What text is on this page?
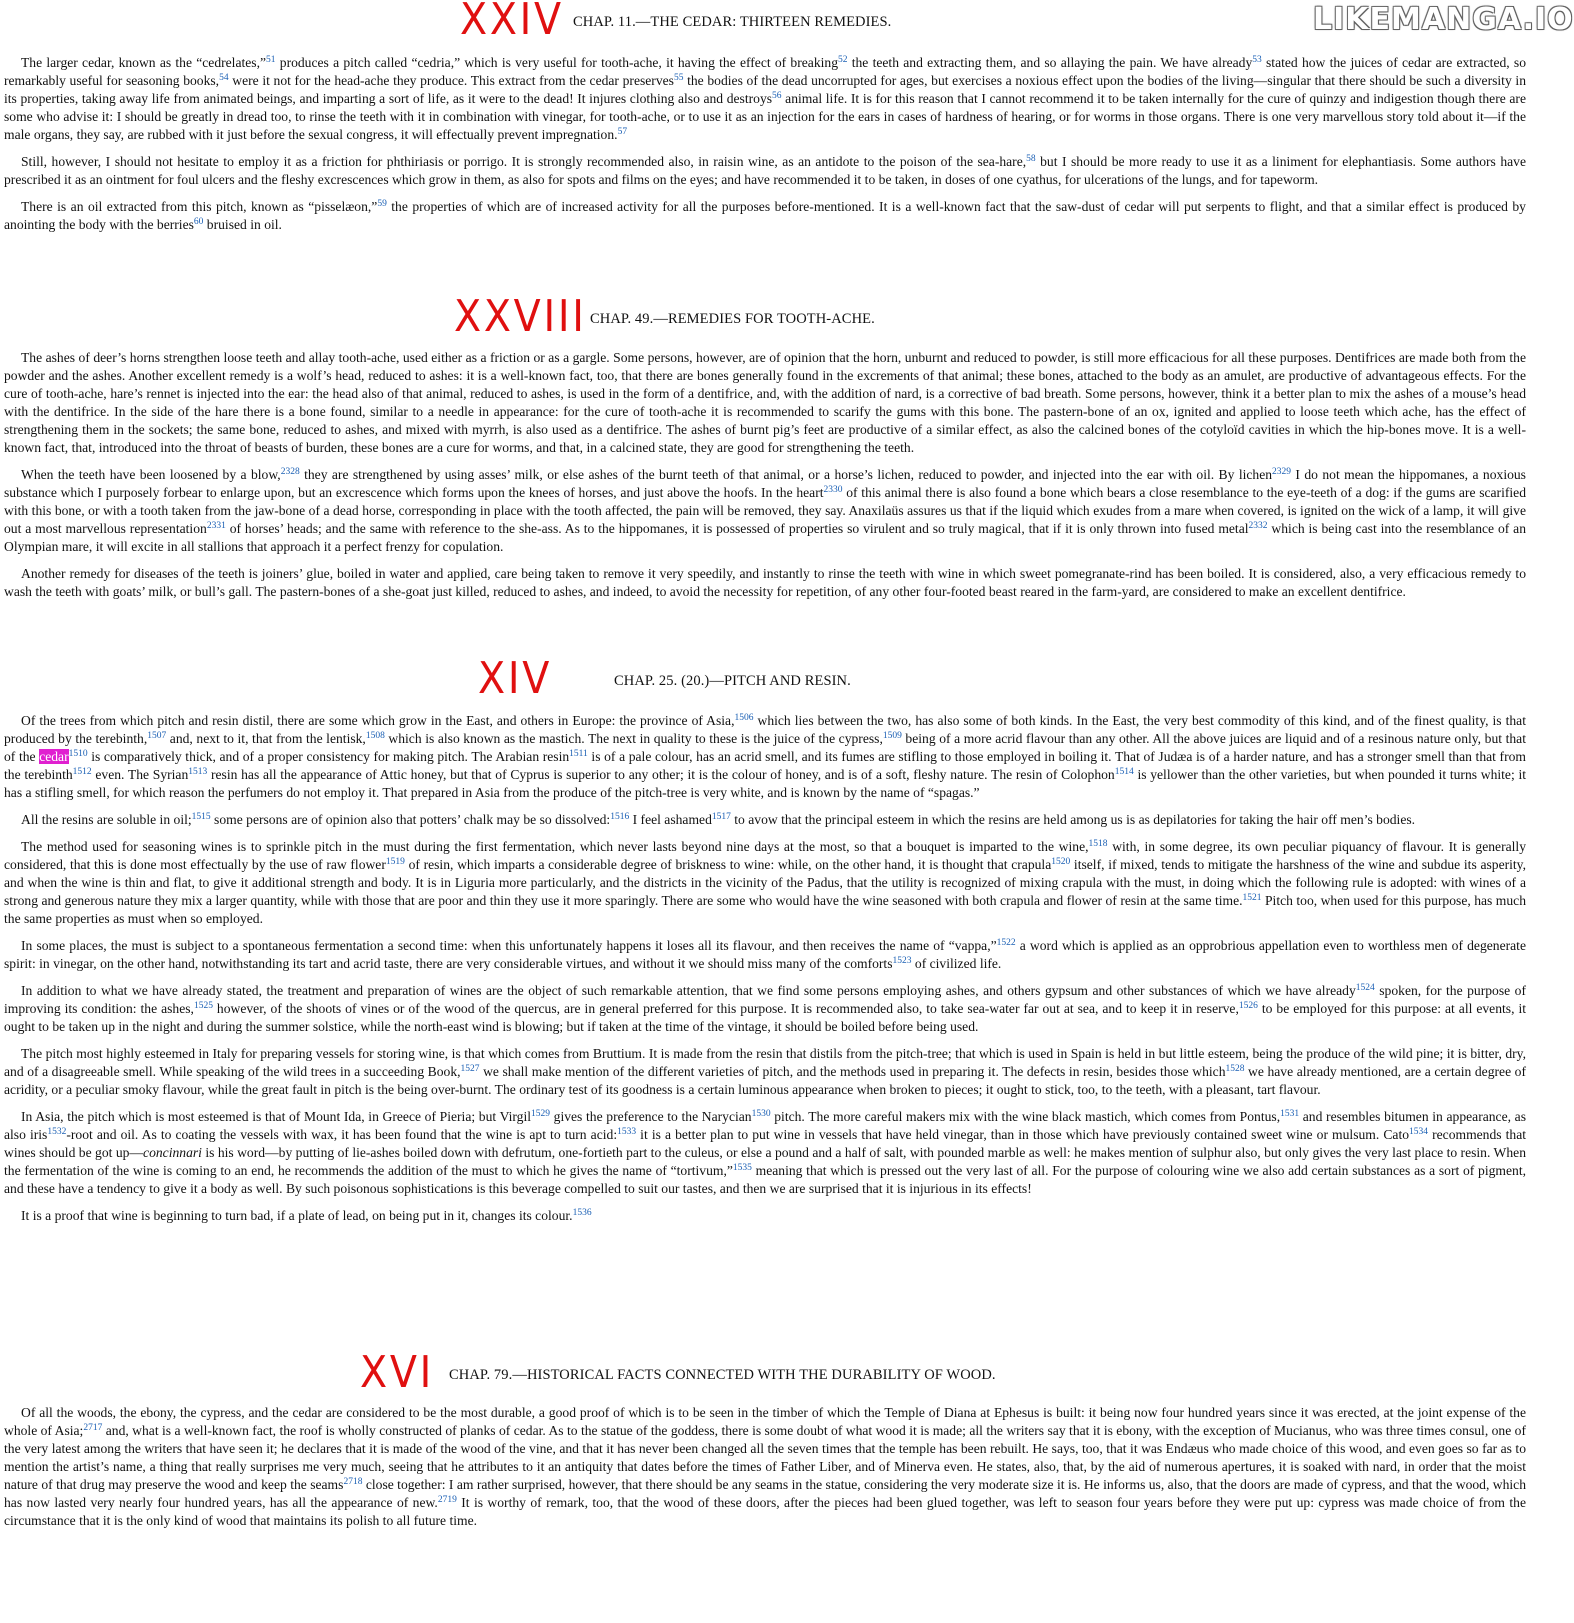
LIKEMANGA.IO
XXIV CHAP. 11.—THE CEDAR: THIRTEEN REMEDIES.

The larger cedar, known as the “cedrelates,”$^{51}$ produces a pitch called “cedria,” which is very useful for tooth-ache, it having the effect of breaking$^{52}$ the teeth and extracting them, and so allaying the pain. We have already$^{53}$ stated how the juices of cedar are extracted, so remarkably useful for seasoning books,$^{54}$ were it not for the head-ache they produce. This extract from the cedar preserves$^{55}$ the bodies of the dead uncorrupted for ages, but exercises a noxious effect upon the bodies of the living—singular that there should be such a diversity in its properties, taking away life from animated beings, and imparting a sort of life, as it were to the dead! It injures clothing also and destroys$^{56}$ animal life. It is for this reason that I cannot recommend it to be taken internally for the cure of quinzy and indigestion though there are some who advise it: I should be greatly in dread too, to rinse the teeth with it in combination with vinegar, for tooth-ache, or to use it as an injection for the ears in cases of hardness of hearing, or for worms in those organs. There is one very marvellous story told about it—if the male organs, they say, are rubbed with it just before the sexual congress, it will effectually prevent impregnation.$^{57}$

Still, however, I should not hesitate to employ it as a friction for phthiriasis or porrigo. It is strongly recommended also, in raisin wine, as an antidote to the poison of the sea-hare,$^{58}$ but I should be more ready to use it as a liniment for elephantiasis. Some authors have prescribed it as an ointment for foul ulcers and the fleshy excrescences which grow in them, as also for spots and films on the eyes; and have recommended it to be taken, in doses of one cyathus, for ulcerations of the lungs, and for tapeworm.

There is an oil extracted from this pitch, known as “pisselæon,”$^{59}$ the properties of which are of increased activity for all the purposes before-mentioned. It is a well-known fact that the saw-dust of cedar will put serpents to flight, and that a similar effect is produced by anointing the body with the berries$^{60}$ bruised in oil.

XXVIII CHAP. 49.—REMEDIES FOR TOOTH-ACHE.

The ashes of deer’s horns strengthen loose teeth and allay tooth-ache, used either as a friction or as a gargle. Some persons, however, are of opinion that the horn, unburnt and reduced to powder, is still more efficacious for all these purposes. Dentifrices are made both from the powder and the ashes. Another excellent remedy is a wolf’s head, reduced to ashes: it is a well-known fact, too, that there are bones generally found in the excrements of that animal; these bones, attached to the body as an amulet, are productive of advantageous effects. For the cure of tooth-ache, hare’s rennet is injected into the ear: the head also of that animal, reduced to ashes, is used in the form of a dentifrice, and, with the addition of nard, is a corrective of bad breath. Some persons, however, think it a better plan to mix the ashes of a mouse’s head with the dentifrice. In the side of the hare there is a bone found, similar to a needle in appearance: for the cure of tooth-ache it is recommended to scarify the gums with this bone. The pastern-bone of an ox, ignited and applied to loose teeth which ache, has the effect of strengthening them in the sockets; the same bone, reduced to ashes, and mixed with myrrh, is also used as a dentifrice. The ashes of burnt pig’s feet are productive of a similar effect, as also the calcined bones of the cotyloïd cavities in which the hip-bones move. It is a well-known fact, that, introduced into the throat of beasts of burden, these bones are a cure for worms, and that, in a calcined state, they are good for strengthening the teeth.

When the teeth have been loosened by a blow,$^{2328}$ they are strengthened by using asses’ milk, or else ashes of the burnt teeth of that animal, or a horse’s lichen, reduced to powder, and injected into the ear with oil. By lichen$^{2329}$ I do not mean the hippomanes, a noxious substance which I purposely forbear to enlarge upon, but an excrescence which forms upon the knees of horses, and just above the hoofs. In the heart$^{2330}$ of this animal there is also found a bone which bears a close resemblance to the eye-teeth of a dog: if the gums are scarified with this bone, or with a tooth taken from the jaw-bone of a dead horse, corresponding in place with the tooth affected, the pain will be removed, they say. Anaxilaüs assures us that if the liquid which exudes from a mare when covered, is ignited on the wick of a lamp, it will give out a most marvellous representation$^{2331}$ of horses’ heads; and the same with reference to the she-ass. As to the hippomanes, it is possessed of properties so virulent and so truly magical, that if it is only thrown into fused metal$^{2332}$ which is being cast into the resemblance of an Olympian mare, it will excite in all stallions that approach it a perfect frenzy for copulation.

Another remedy for diseases of the teeth is joiners’ glue, boiled in water and applied, care being taken to remove it very speedily, and instantly to rinse the teeth with wine in which sweet pomegranate-rind has been boiled. It is considered, also, a very efficacious remedy to wash the teeth with goats’ milk, or bull’s gall. The pastern-bones of a she-goat just killed, reduced to ashes, and indeed, to avoid the necessity for repetition, of any other four-footed beast reared in the farm-yard, are considered to make an excellent dentifrice.

XIV	CHAP. 25. (20.)—PITCH AND RESIN.

Of the trees from which pitch and resin distil, there are some which grow in the East, and others in Europe: the province of Asia,$^{1506}$ which lies between the two, has also some of both kinds. In the East, the very best commodity of this kind, and of the finest quality, is that produced by the terebinth,$^{1507}$ and, next to it, that from the lentisk,$^{1508}$ which is also known as the mastich. The next in quality to these is the juice of the cypress,$^{1509}$ being of a more acrid flavour than any other. All the above juices are liquid and of a resinous nature only, but that of the cedar$^{1510}$ is comparatively thick, and of a proper consistency for making pitch. The Arabian resin$^{1511}$ is of a pale colour, has an acrid smell, and its fumes are stifling to those employed in boiling it. That of Judæa is of a harder nature, and has a stronger smell than that from the terebinth$^{1512}$ even. The Syrian$^{1513}$ resin has all the appearance of Attic honey, but that of Cyprus is superior to any other; it is the colour of honey, and is of a soft, fleshy nature. The resin of Colophon$^{1514}$ is yellower than the other varieties, but when pounded it turns white; it has a stifling smell, for which reason the perfumers do not employ it. That prepared in Asia from the produce of the pitch-tree is very white, and is known by the name of “spagas.”

All the resins are soluble in oil;$^{1515}$ some persons are of opinion also that potters’ chalk may be so dissolved:$^{1516}$ I feel ashamed$^{1517}$ to avow that the principal esteem in which the resins are held among us is as depilatories for taking the hair off men’s bodies.

The method used for seasoning wines is to sprinkle pitch in the must during the first fermentation, which never lasts beyond nine days at the most, so that a bouquet is imparted to the wine,$^{1518}$ with, in some degree, its own peculiar piquancy of flavour. It is generally considered, that this is done most effectually by the use of raw flower$^{1519}$ of resin, which imparts a considerable degree of briskness to wine: while, on the other hand, it is thought that crapula$^{1520}$ itself, if mixed, tends to mitigate the harshness of the wine and subdue its asperity, and when the wine is thin and flat, to give it additional strength and body. It is in Liguria more particularly, and the districts in the vicinity of the Padus, that the utility is recognized of mixing crapula with the must, in doing which the following rule is adopted: with wines of a strong and generous nature they mix a larger quantity, while with those that are poor and thin they use it more sparingly. There are some who would have the wine seasoned with both crapula and flower of resin at the same time.$^{1521}$ Pitch too, when used for this purpose, has much the same properties as must when so employed.

In some places, the must is subject to a spontaneous fermentation a second time: when this unfortunately happens it loses all its flavour, and then receives the name of “vappa,”$^{1522}$ a word which is applied as an opprobrious appellation even to worthless men of degenerate spirit: in vinegar, on the other hand, notwithstanding its tart and acrid taste, there are very considerable virtues, and without it we should miss many of the comforts$^{1523}$ of civilized life.

In addition to what we have already stated, the treatment and preparation of wines are the object of such remarkable attention, that we find some persons employing ashes, and others gypsum and other substances of which we have already$^{1524}$ spoken, for the purpose of improving its condition: the ashes,$^{1525}$ however, of the shoots of vines or of the wood of the quercus, are in general preferred for this purpose. It is recommended also, to take sea-water far out at sea, and to keep it in reserve,$^{1526}$ to be employed for this purpose: at all events, it ought to be taken up in the night and during the summer solstice, while the north-east wind is blowing; but if taken at the time of the vintage, it should be boiled before being used.

The pitch most highly esteemed in Italy for preparing vessels for storing wine, is that which comes from Bruttium. It is made from the resin that distils from the pitch-tree; that which is used in Spain is held in but little esteem, being the produce of the wild pine; it is bitter, dry, and of a disagreeable smell. While speaking of the wild trees in a succeeding Book,$^{1527}$ we shall make mention of the different varieties of pitch, and the methods used in preparing it. The defects in resin, besides those which$^{1528}$ we have already mentioned, are a certain degree of acridity, or a peculiar smoky flavour, while the great fault in pitch is the being over-burnt. The ordinary test of its goodness is a certain luminous appearance when broken to pieces; it ought to stick, too, to the teeth, with a pleasant, tart flavour.

In Asia, the pitch which is most esteemed is that of Mount Ida, in Greece of Pieria; but Virgil$^{1529}$ gives the preference to the Narycian$^{1530}$ pitch. The more careful makers mix with the wine black mastich, which comes from Pontus,$^{1531}$ and resembles bitumen in appearance, as also iris$^{1532}$-root and oil. As to coating the vessels with wax, it has been found that the wine is apt to turn acid:$^{1533}$ it is a better plan to put wine in vessels that have held vinegar, than in those which have previously contained sweet wine or mulsum. Cato$^{1534}$ recommends that wines should be got up—concinnari is his word—by putting of lie-ashes boiled down with defrutum, one-fortieth part to the culeus, or else a pound and a half of salt, with pounded marble as well: he makes mention of sulphur also, but only gives the very last place to resin. When the fermentation of the wine is coming to an end, he recommends the addition of the must to which he gives the name of “tortivum,”$^{1535}$ meaning that which is pressed out the very last of all. For the purpose of colouring wine we also add certain substances as a sort of pigment, and these have a tendency to give it a body as well. By such poisonous sophistications is this beverage compelled to suit our tastes, and then we are surprised that it is injurious in its effects!

It is a proof that wine is beginning to turn bad, if a plate of lead, on being put in it, changes its colour.$^{1536}$

XVI CHAP. 79.—HISTORICAL FACTS CONNECTED WITH THE DURABILITY OF WOOD.

Of all the woods, the ebony, the cypress, and the cedar are considered to be the most durable, a good proof of which is to be seen in the timber of which the Temple of Diana at Ephesus is built: it being now four hundred years since it was erected, at the joint expense of the whole of Asia;$^{2717}$ and, what is a well-known fact, the roof is wholly constructed of planks of cedar. As to the statue of the goddess, there is some doubt of what wood it is made; all the writers say that it is ebony, with the exception of Mucianus, who was three times consul, one of the very latest among the writers that have seen it; he declares that it is made of the wood of the vine, and that it has never been changed all the seven times that the temple has been rebuilt. He says, too, that it was Endæus who made choice of this wood, and even goes so far as to mention the artist’s name, a thing that really surprises me very much, seeing that he attributes to it an antiquity that dates before the times of Father Liber, and of Minerva even. He states, also, that, by the aid of numerous apertures, it is soaked with nard, in order that the moist nature of that drug may preserve the wood and keep the seams$^{2718}$ close together: I am rather surprised, however, that there should be any seams in the statue, considering the very moderate size it is. He informs us, also, that the doors are made of cypress, and that the wood, which has now lasted very nearly four hundred years, has all the appearance of new.$^{2719}$ It is worthy of remark, too, that the wood of these doors, after the pieces had been glued together, was left to season four years before they were put up: cypress was made choice of from the circumstance that it is the only kind of wood that maintains its polish to all future time.
